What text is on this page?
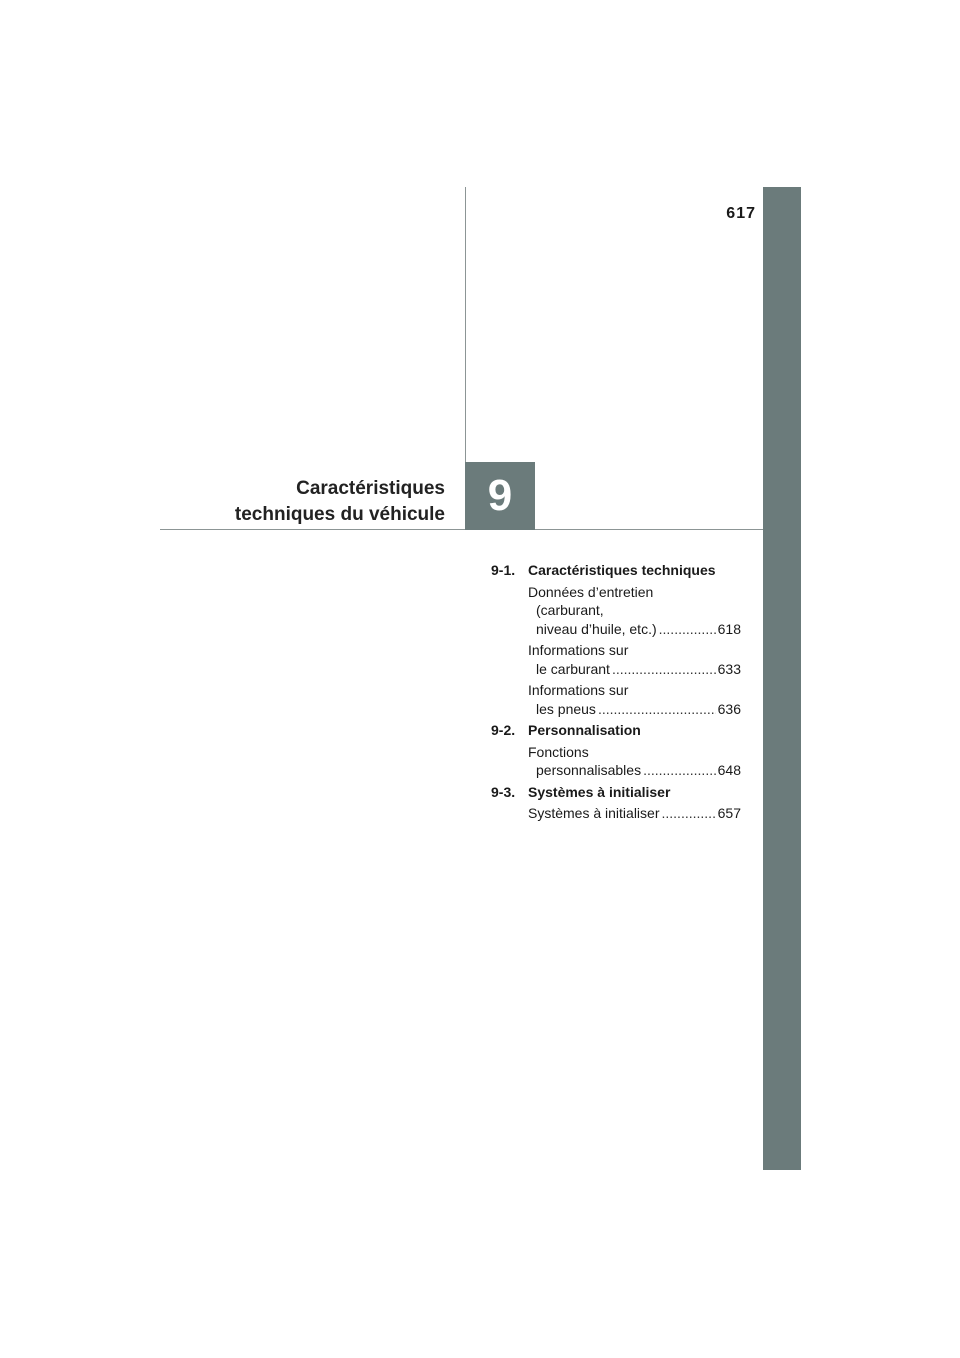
617
Caractéristiques
techniques du véhicule 9
9-1. Caractéristiques techniques
Données d’entretien
(carburant,
niveau d’huile, etc.) .....	618
Informations sur
le carburant .....	633
Informations sur
les pneus .....	636
9-2. Personnalisation
Fonctions
personnalisables .....	648
9-3. Systèmes à initialiser
Systèmes à initialiser .....	657
